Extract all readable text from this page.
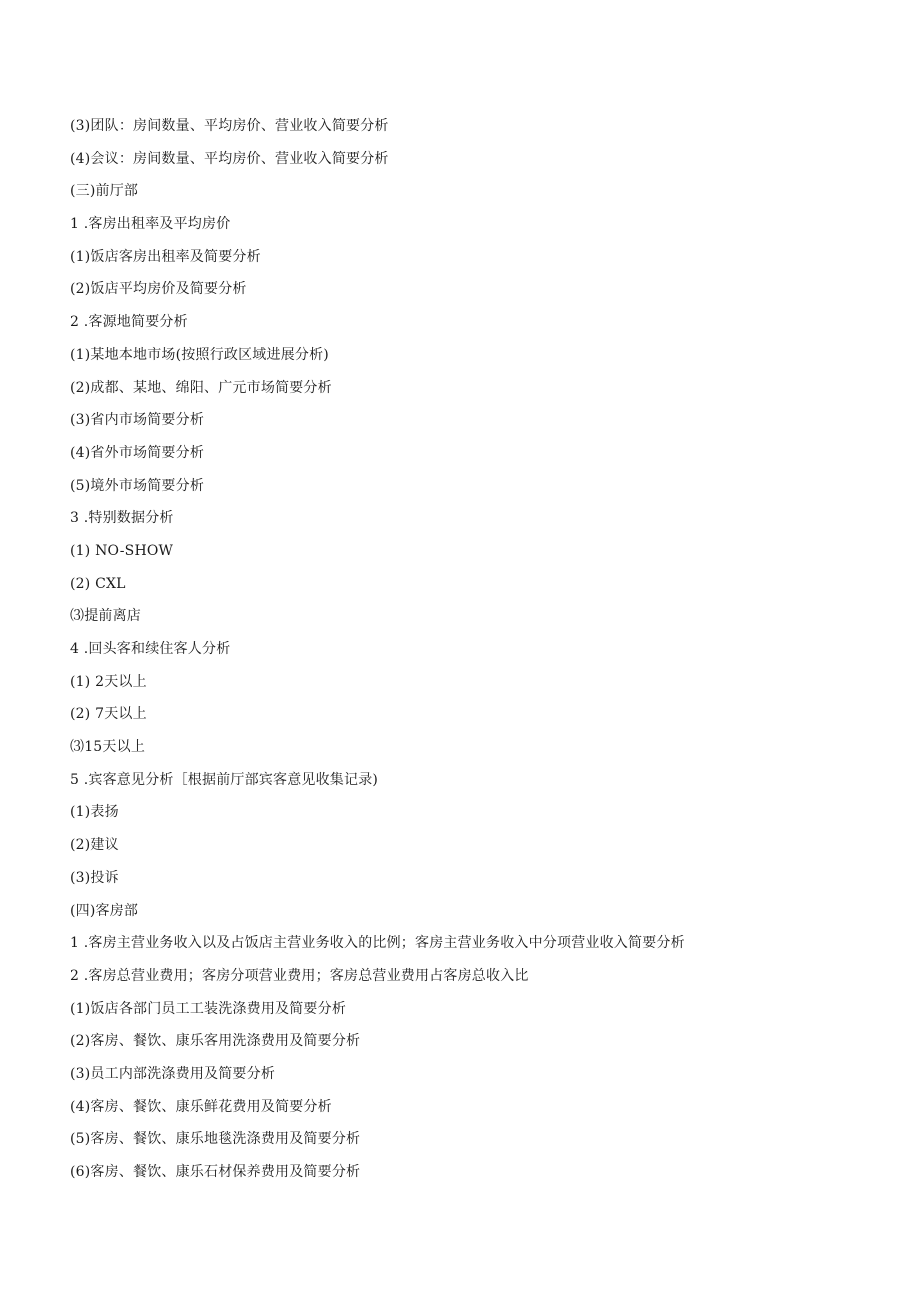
(3)团队：房间数量、平均房价、营业收入简要分析
(4)会议：房间数量、平均房价、营业收入简要分析
(三)前厅部
1 .客房出租率及平均房价
(1)饭店客房出租率及简要分析
(2)饭店平均房价及简要分析
2 .客源地简要分析
(1)某地本地市场(按照行政区域进展分析)
(2)成都、某地、绵阳、广元市场简要分析
(3)省内市场简要分析
(4)省外市场简要分析
(5)境外市场简要分析
3 .特别数据分析
(1) NO-SHOW
(2) CXL
⑶提前离店
4 .回头客和续住客人分析
(1) 2天以上
(2) 7天以上
⑶15天以上
5 .宾客意见分析［根据前厅部宾客意见收集记录)
(1)表扬
(2)建议
(3)投诉
(四)客房部
1 .客房主营业务收入以及占饭店主营业务收入的比例；客房主营业务收入中分项营业收入简要分析
2 .客房总营业费用；客房分项营业费用；客房总营业费用占客房总收入比
(1)饭店各部门员工工装洗涤费用及简要分析
(2)客房、餐饮、康乐客用洗涤费用及简要分析
(3)员工内部洗涤费用及简要分析
(4)客房、餐饮、康乐鲜花费用及简要分析
(5)客房、餐饮、康乐地毯洗涤费用及简要分析
(6)客房、餐饮、康乐石材保养费用及简要分析
